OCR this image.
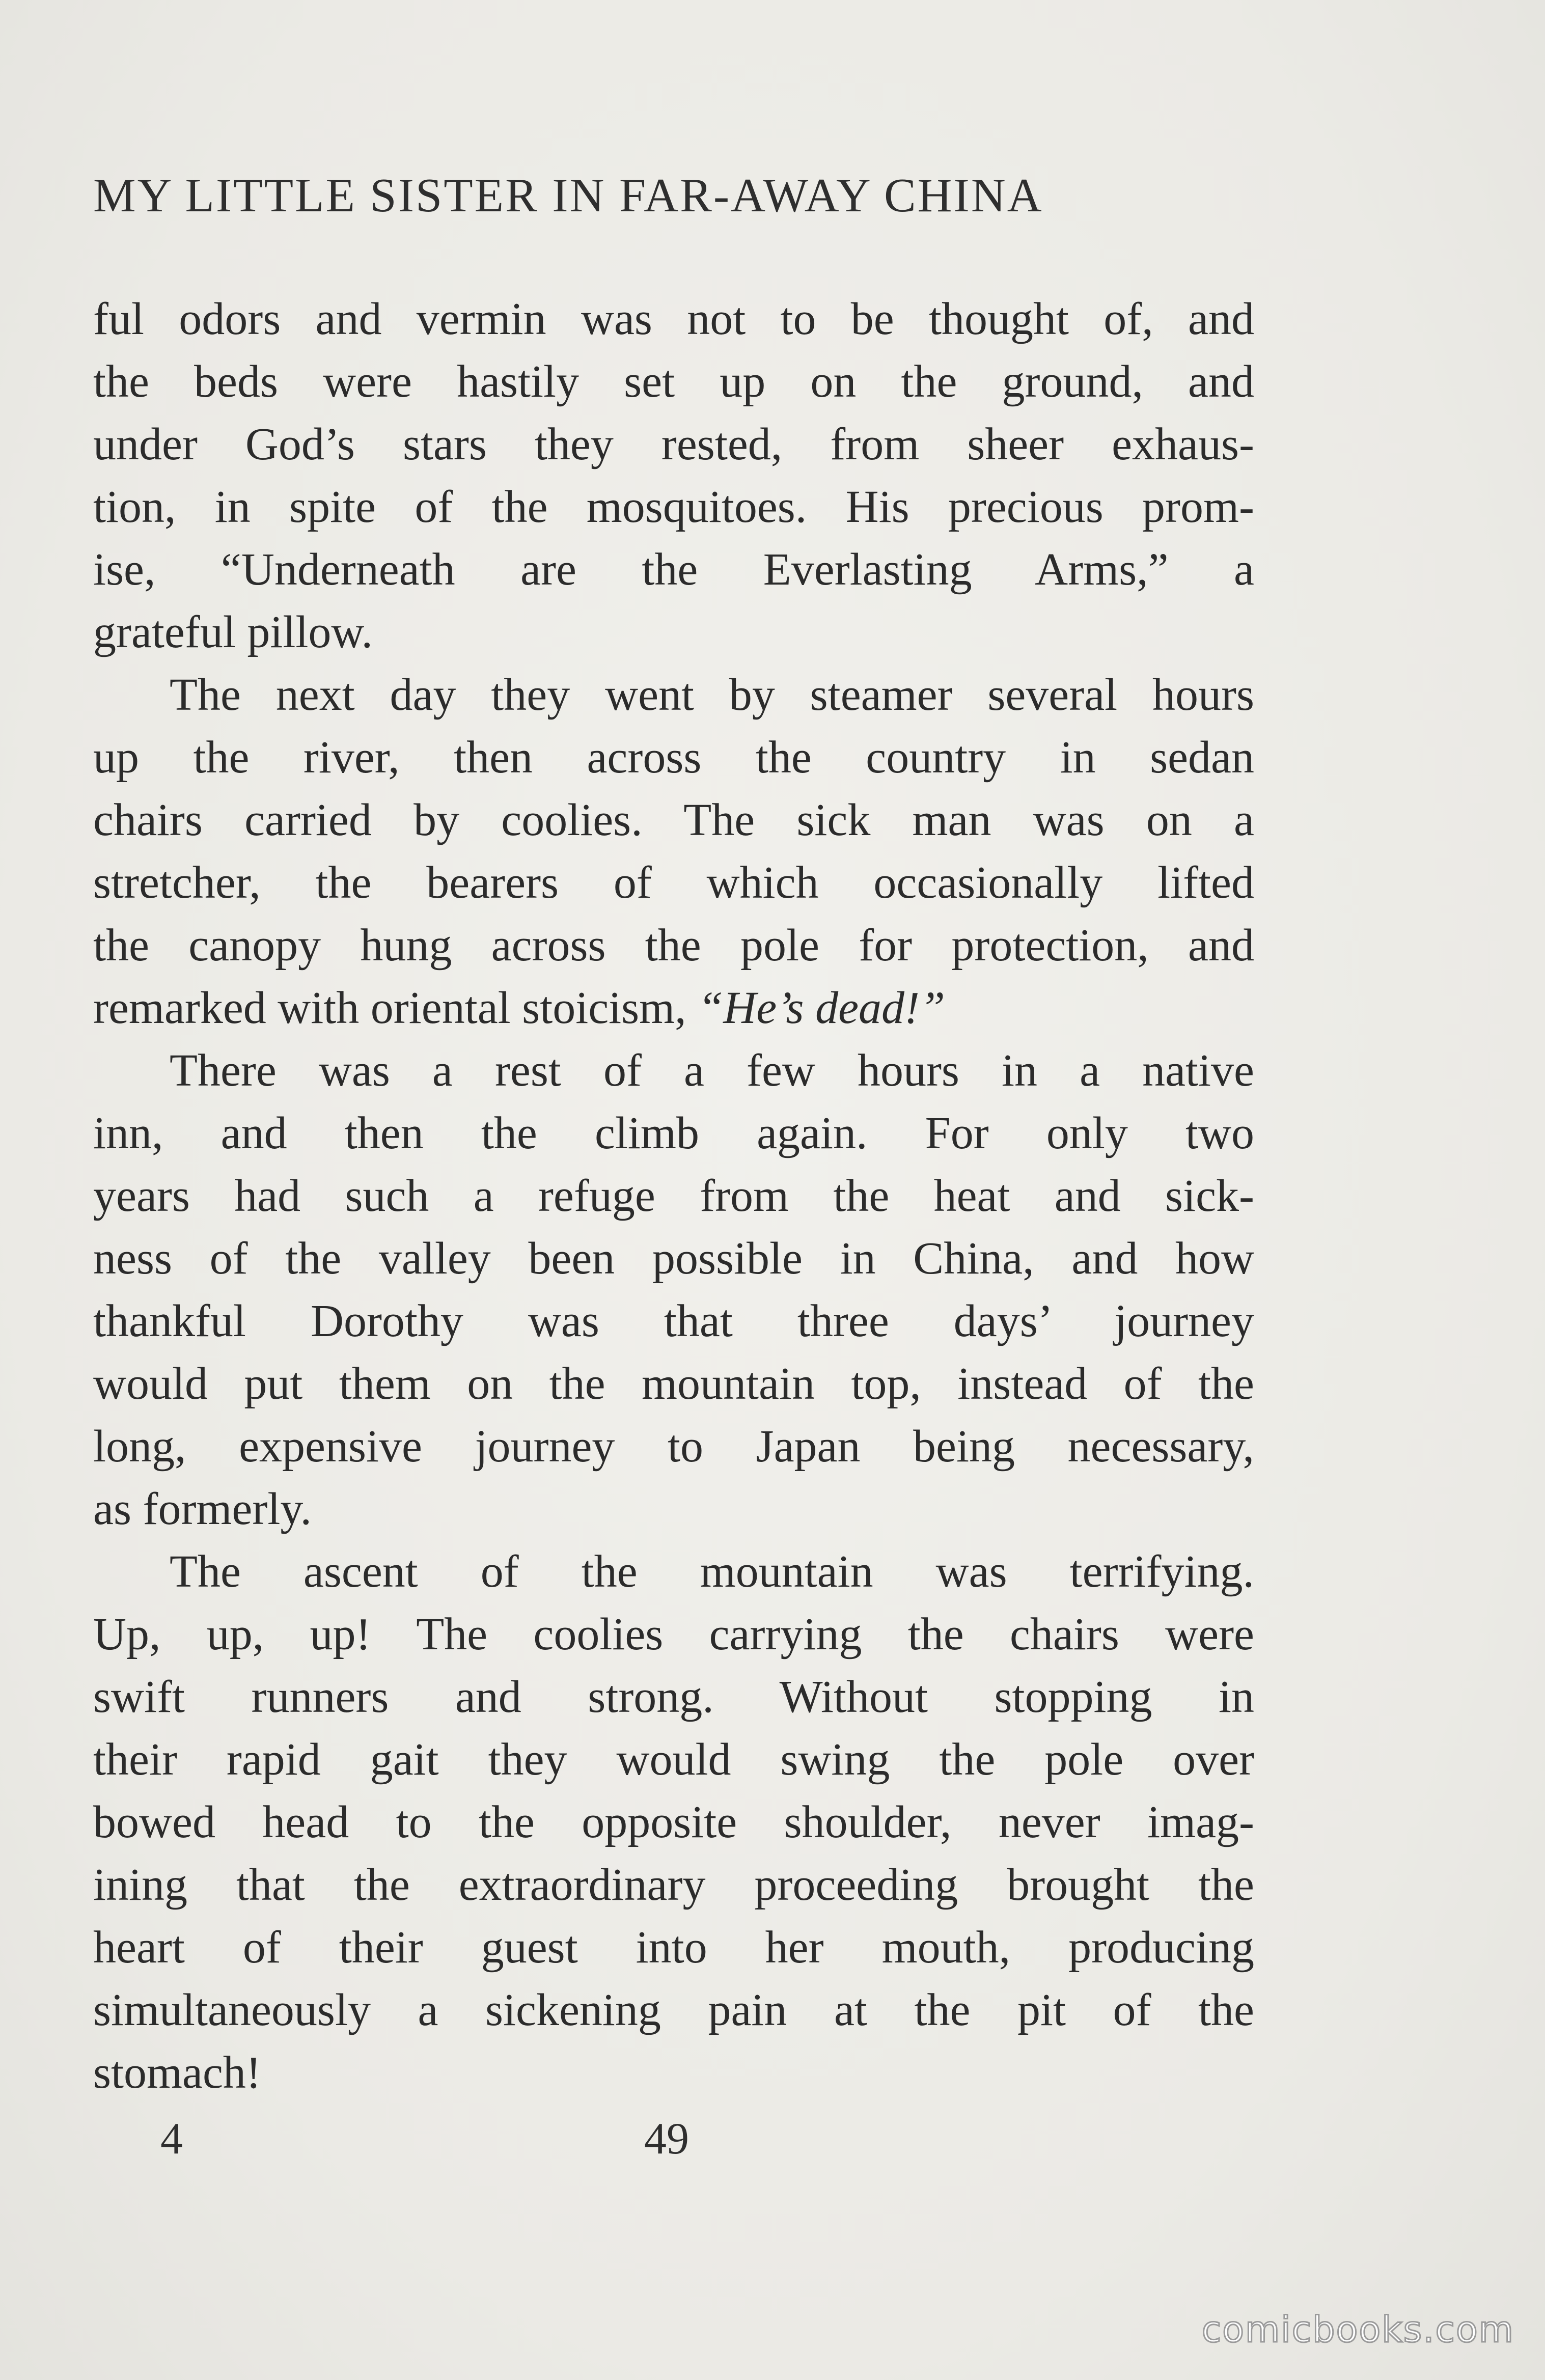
MY LITTLE SISTER IN FAR-AWAY CHINA
ful odors and vermin was not to be thought of, and
the beds were hastily set up on the ground, and
under God’s stars they rested, from sheer exhaus-
tion, in spite of the mosquitoes. His precious prom-
ise, “Underneath are the Everlasting Arms,” a
grateful pillow.
The next day they went by steamer several hours
up the river, then across the country in sedan
chairs carried by coolies. The sick man was on a
stretcher, the bearers of which occasionally lifted
the canopy hung across the pole for protection, and
remarked with oriental stoicism, “He’s dead!”
There was a rest of a few hours in a native
inn, and then the climb again. For only two
years had such a refuge from the heat and sick-
ness of the valley been possible in China, and how
thankful Dorothy was that three days’ journey
would put them on the mountain top, instead of the
long, expensive journey to Japan being necessary,
as formerly.
The ascent of the mountain was terrifying.
Up, up, up! The coolies carrying the chairs were
swift runners and strong. Without stopping in
their rapid gait they would swing the pole over
bowed head to the opposite shoulder, never imag-
ining that the extraordinary proceeding brought the
heart of their guest into her mouth, producing
simultaneously a sickening pain at the pit of the
stomach!
4	49
comicbooks.com
